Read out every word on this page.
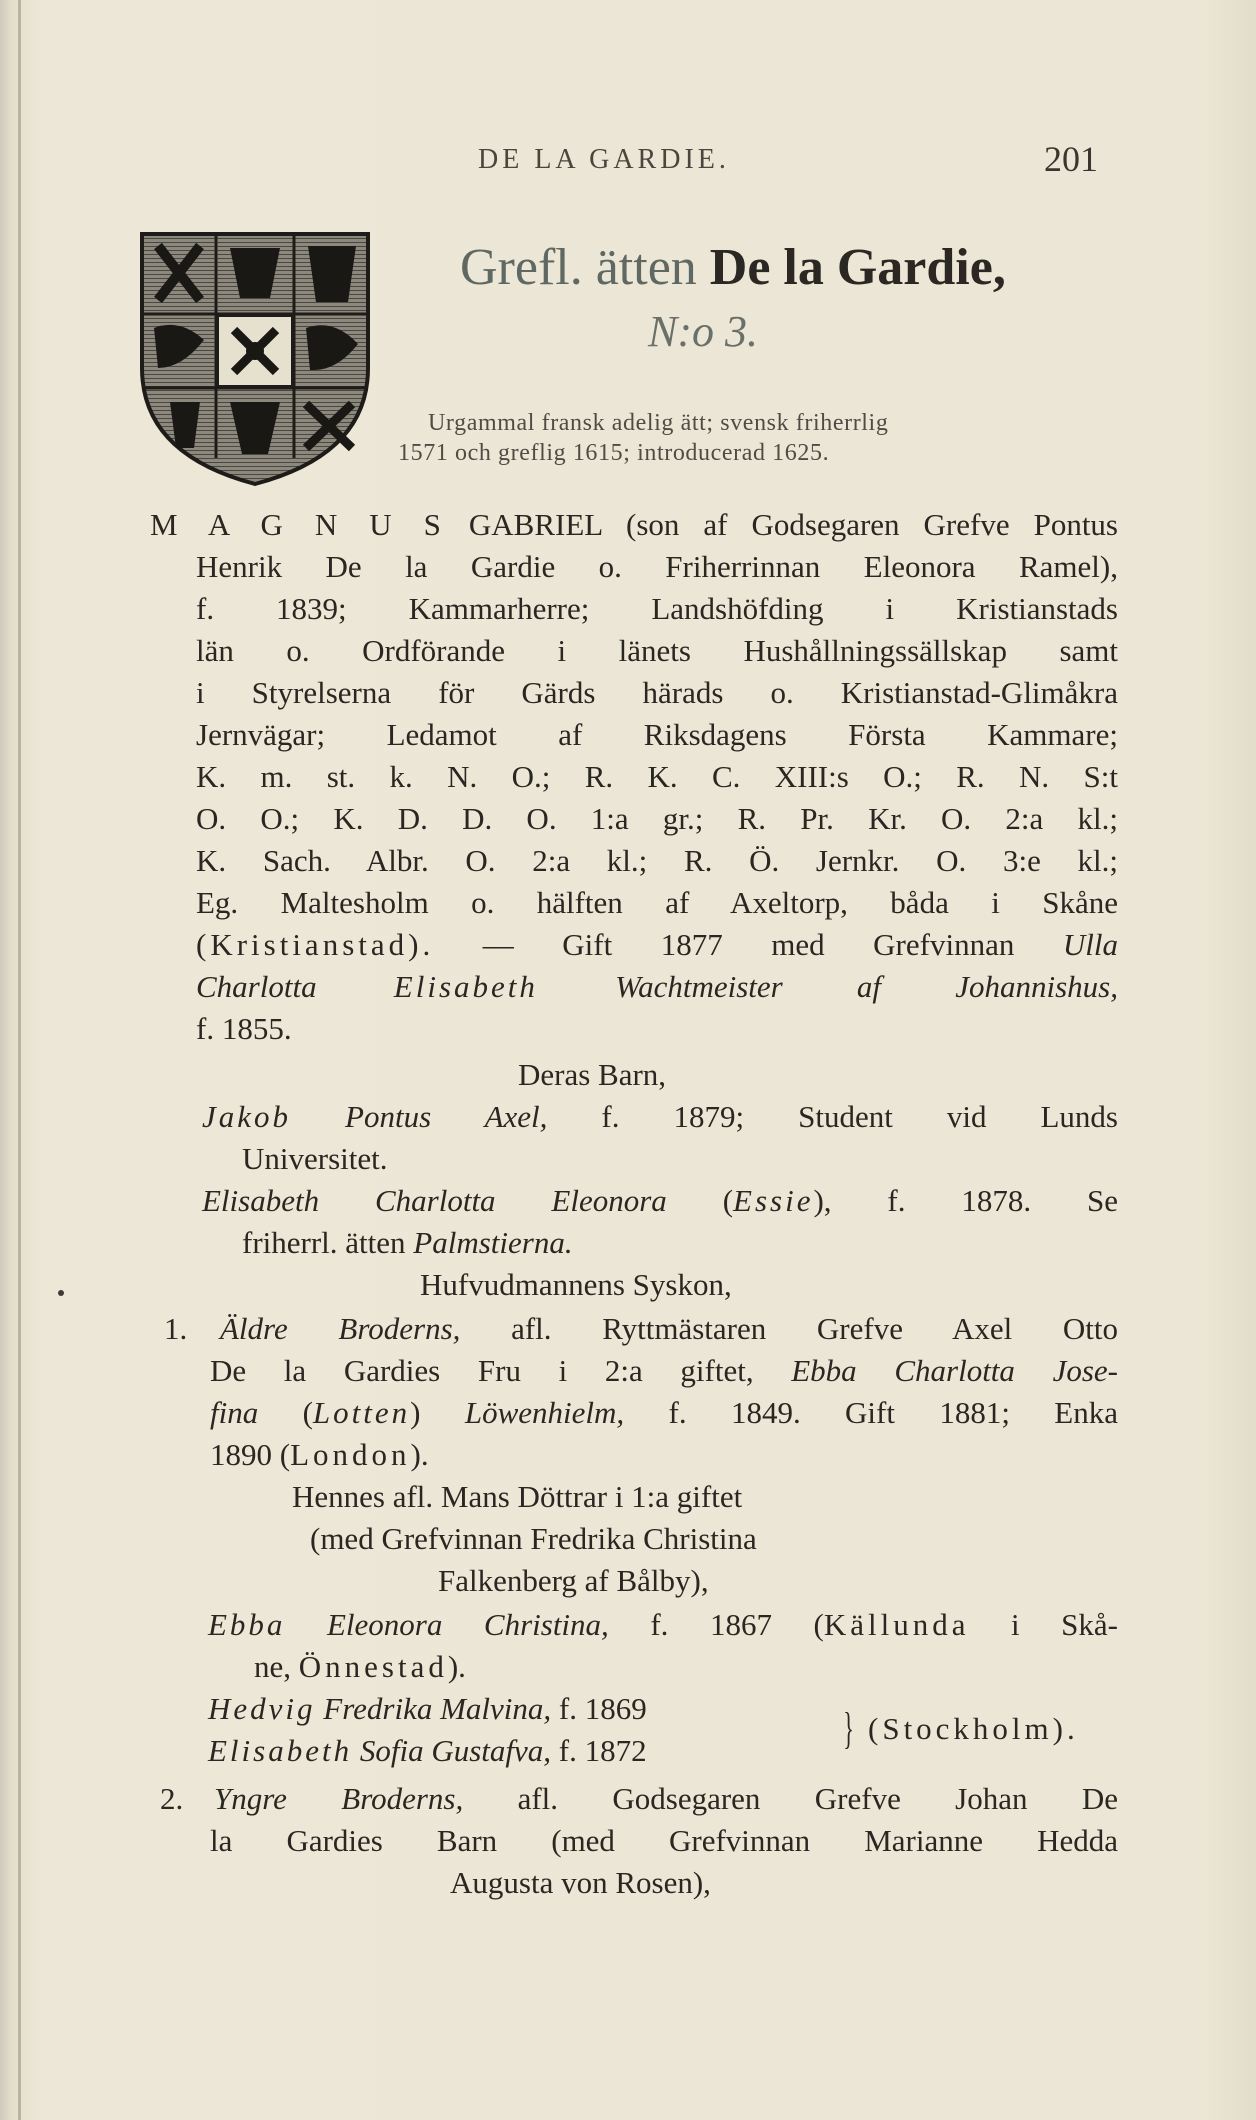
DE LA GARDIE.	201
Grefl. ätten De la Gardie,
N:o 3.
Urgammal fransk adelig ätt; svensk friherrlig
1571 och greflig 1615; introducerad 1625.
M A G N U S GABRIEL (son af Godsegaren Grefve Pontus
Henrik De la Gardie o. Friherrinnan Eleonora Ramel),
f. 1839; Kammarherre; Landshöfding i Kristianstads
län o. Ordförande i länets Hushållningssällskap samt
i Styrelserna för Gärds härads o. Kristianstad-Glimåkra
Jernvägar; Ledamot af Riksdagens Första Kammare;
K. m. st. k. N. O.; R. K. C. XIII:s O.; R. N. S:t
O. O.; K. D. D. O. 1:a gr.; R. Pr. Kr. O. 2:a kl.;
K. Sach. Albr. O. 2:a kl.; R. Ö. Jernkr. O. 3:e kl.;
Eg. Maltesholm o. hälften af Axeltorp, båda i Skåne
(Kristianstad). — Gift 1877 med Grefvinnan Ulla
Charlotta Elisabeth Wachtmeister af Johannishus,
f. 1855.
Deras Barn,
Jakob Pontus Axel, f. 1879; Student vid Lunds
Universitet.
Elisabeth Charlotta Eleonora (Essie), f. 1878. Se
friherrl. ätten Palmstierna.
Hufvudmannens Syskon,
1. Äldre Broderns, afl. Ryttmästaren Grefve Axel Otto
De la Gardies Fru i 2:a giftet, Ebba Charlotta Jose-
fina (Lotten) Löwenhielm, f. 1849. Gift 1881; Enka
1890 (London).
Hennes afl. Mans Döttrar i 1:a giftet
(med Grefvinnan Fredrika Christina
Falkenberg af Bålby),
Ebba Eleonora Christina, f. 1867 (Källunda i Skå-
ne, Önnestad).
Hedvig Fredrika Malvina, f. 1869
Elisabeth Sofia Gustafva, f. 1872	} (Stockholm).
2. Yngre Broderns, afl. Godsegaren Grefve Johan De
la Gardies Barn (med Grefvinnan Marianne Hedda
Augusta von Rosen),
